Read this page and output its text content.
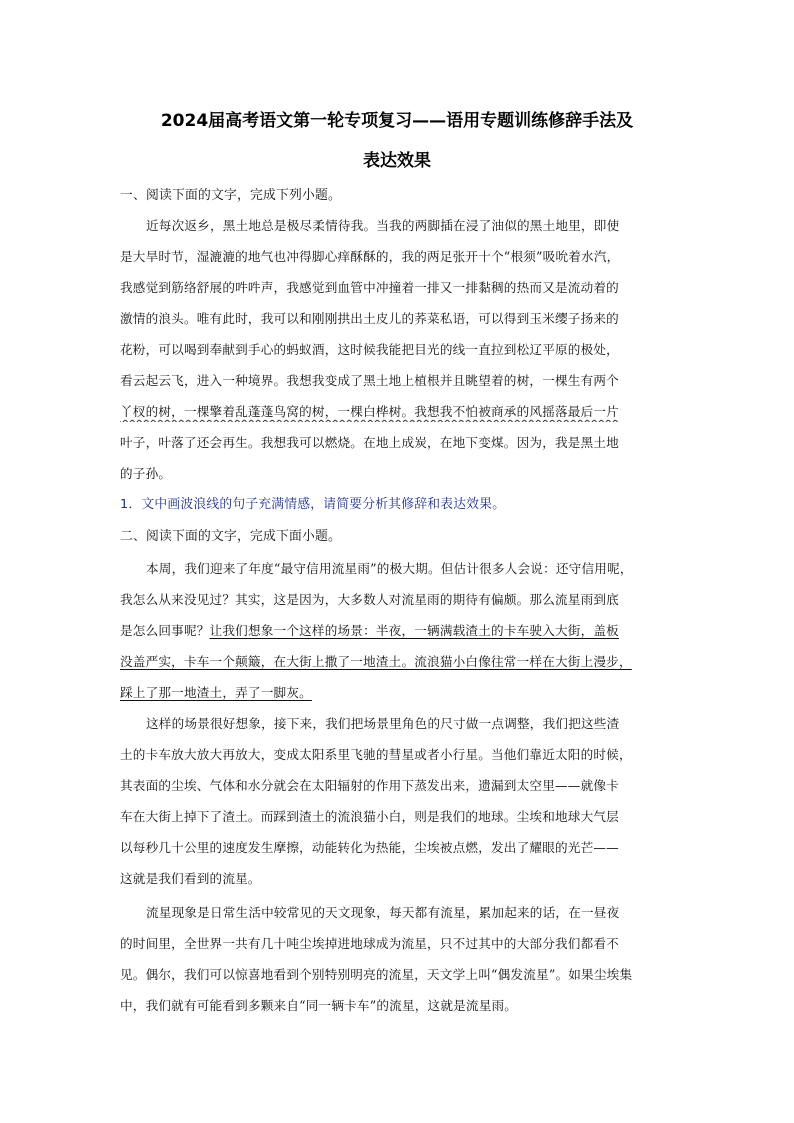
2024届高考语文第一轮专项复习——语用专题训练修辞手法及
表达效果
一、阅读下面的文字，完成下列小题。
近每次返乡，黑土地总是极尽柔情待我。当我的两脚插在浸了油似的黑土地里，即使
是大旱时节，湿漉漉的地气也冲得脚心痒酥酥的，我的两足张开十个“根须”吸吮着水汽，
我感觉到筋络舒展的吽吽声，我感觉到血管中冲撞着一排又一排黏稠的热而又是流动着的
激情的浪头。唯有此时，我可以和刚刚拱出土皮儿的荞菜私语，可以得到玉米缨子扬来的
花粉，可以喝到奉献到手心的蚂蚁酒，这时候我能把目光的线一直拉到松辽平原的极处，
看云起云飞，进入一种境界。我想我变成了黑土地上植根并且眺望着的树，一棵生有两个
丫杈的树，一棵擎着乱蓬蓬鸟窝的树，一棵白桦树。我想我不怕被商承的风摇落最后一片
叶子，叶落了还会再生。我想我可以燃烧。在地上成炭，在地下变煤。因为，我是黑土地
的子孙。
1．文中画波浪线的句子充满情感，请简要分析其修辞和表达效果。
二、阅读下面的文字，完成下面小题。
本周，我们迎来了年度“最守信用流星雨”的极大期。但估计很多人会说：还守信用呢，
我怎么从来没见过？其实，这是因为，大多数人对流星雨的期待有偏颇。那么流星雨到底
是怎么回事呢？让我们想象一个这样的场景：半夜，一辆满载渣土的卡车驶入大街，盖板
没盖严实，卡车一个颠簸，在大街上撒了一地渣土。流浪猫小白像往常一样在大街上漫步，
踩上了那一地渣土，弄了一脚灰。
这样的场景很好想象，接下来，我们把场景里角色的尺寸做一点调整，我们把这些渣
土的卡车放大放大再放大，变成太阳系里飞驰的彗星或者小行星。当他们靠近太阳的时候，
其表面的尘埃、气体和水分就会在太阳辐射的作用下蒸发出来，遗漏到太空里——就像卡
车在大街上掉下了渣土。而踩到渣土的流浪猫小白，则是我们的地球。尘埃和地球大气层
以每秒几十公里的速度发生摩擦，动能转化为热能，尘埃被点燃，发出了耀眼的光芒——
这就是我们看到的流星。
流星现象是日常生活中较常见的天文现象，每天都有流星，累加起来的话，在一昼夜
的时间里，全世界一共有几十吨尘埃掉进地球成为流星，只不过其中的大部分我们都看不
见。偶尔，我们可以惊喜地看到个别特别明亮的流星，天文学上叫“偶发流星”。如果尘埃集
中，我们就有可能看到多颗来自“同一辆卡车”的流星，这就是流星雨。
